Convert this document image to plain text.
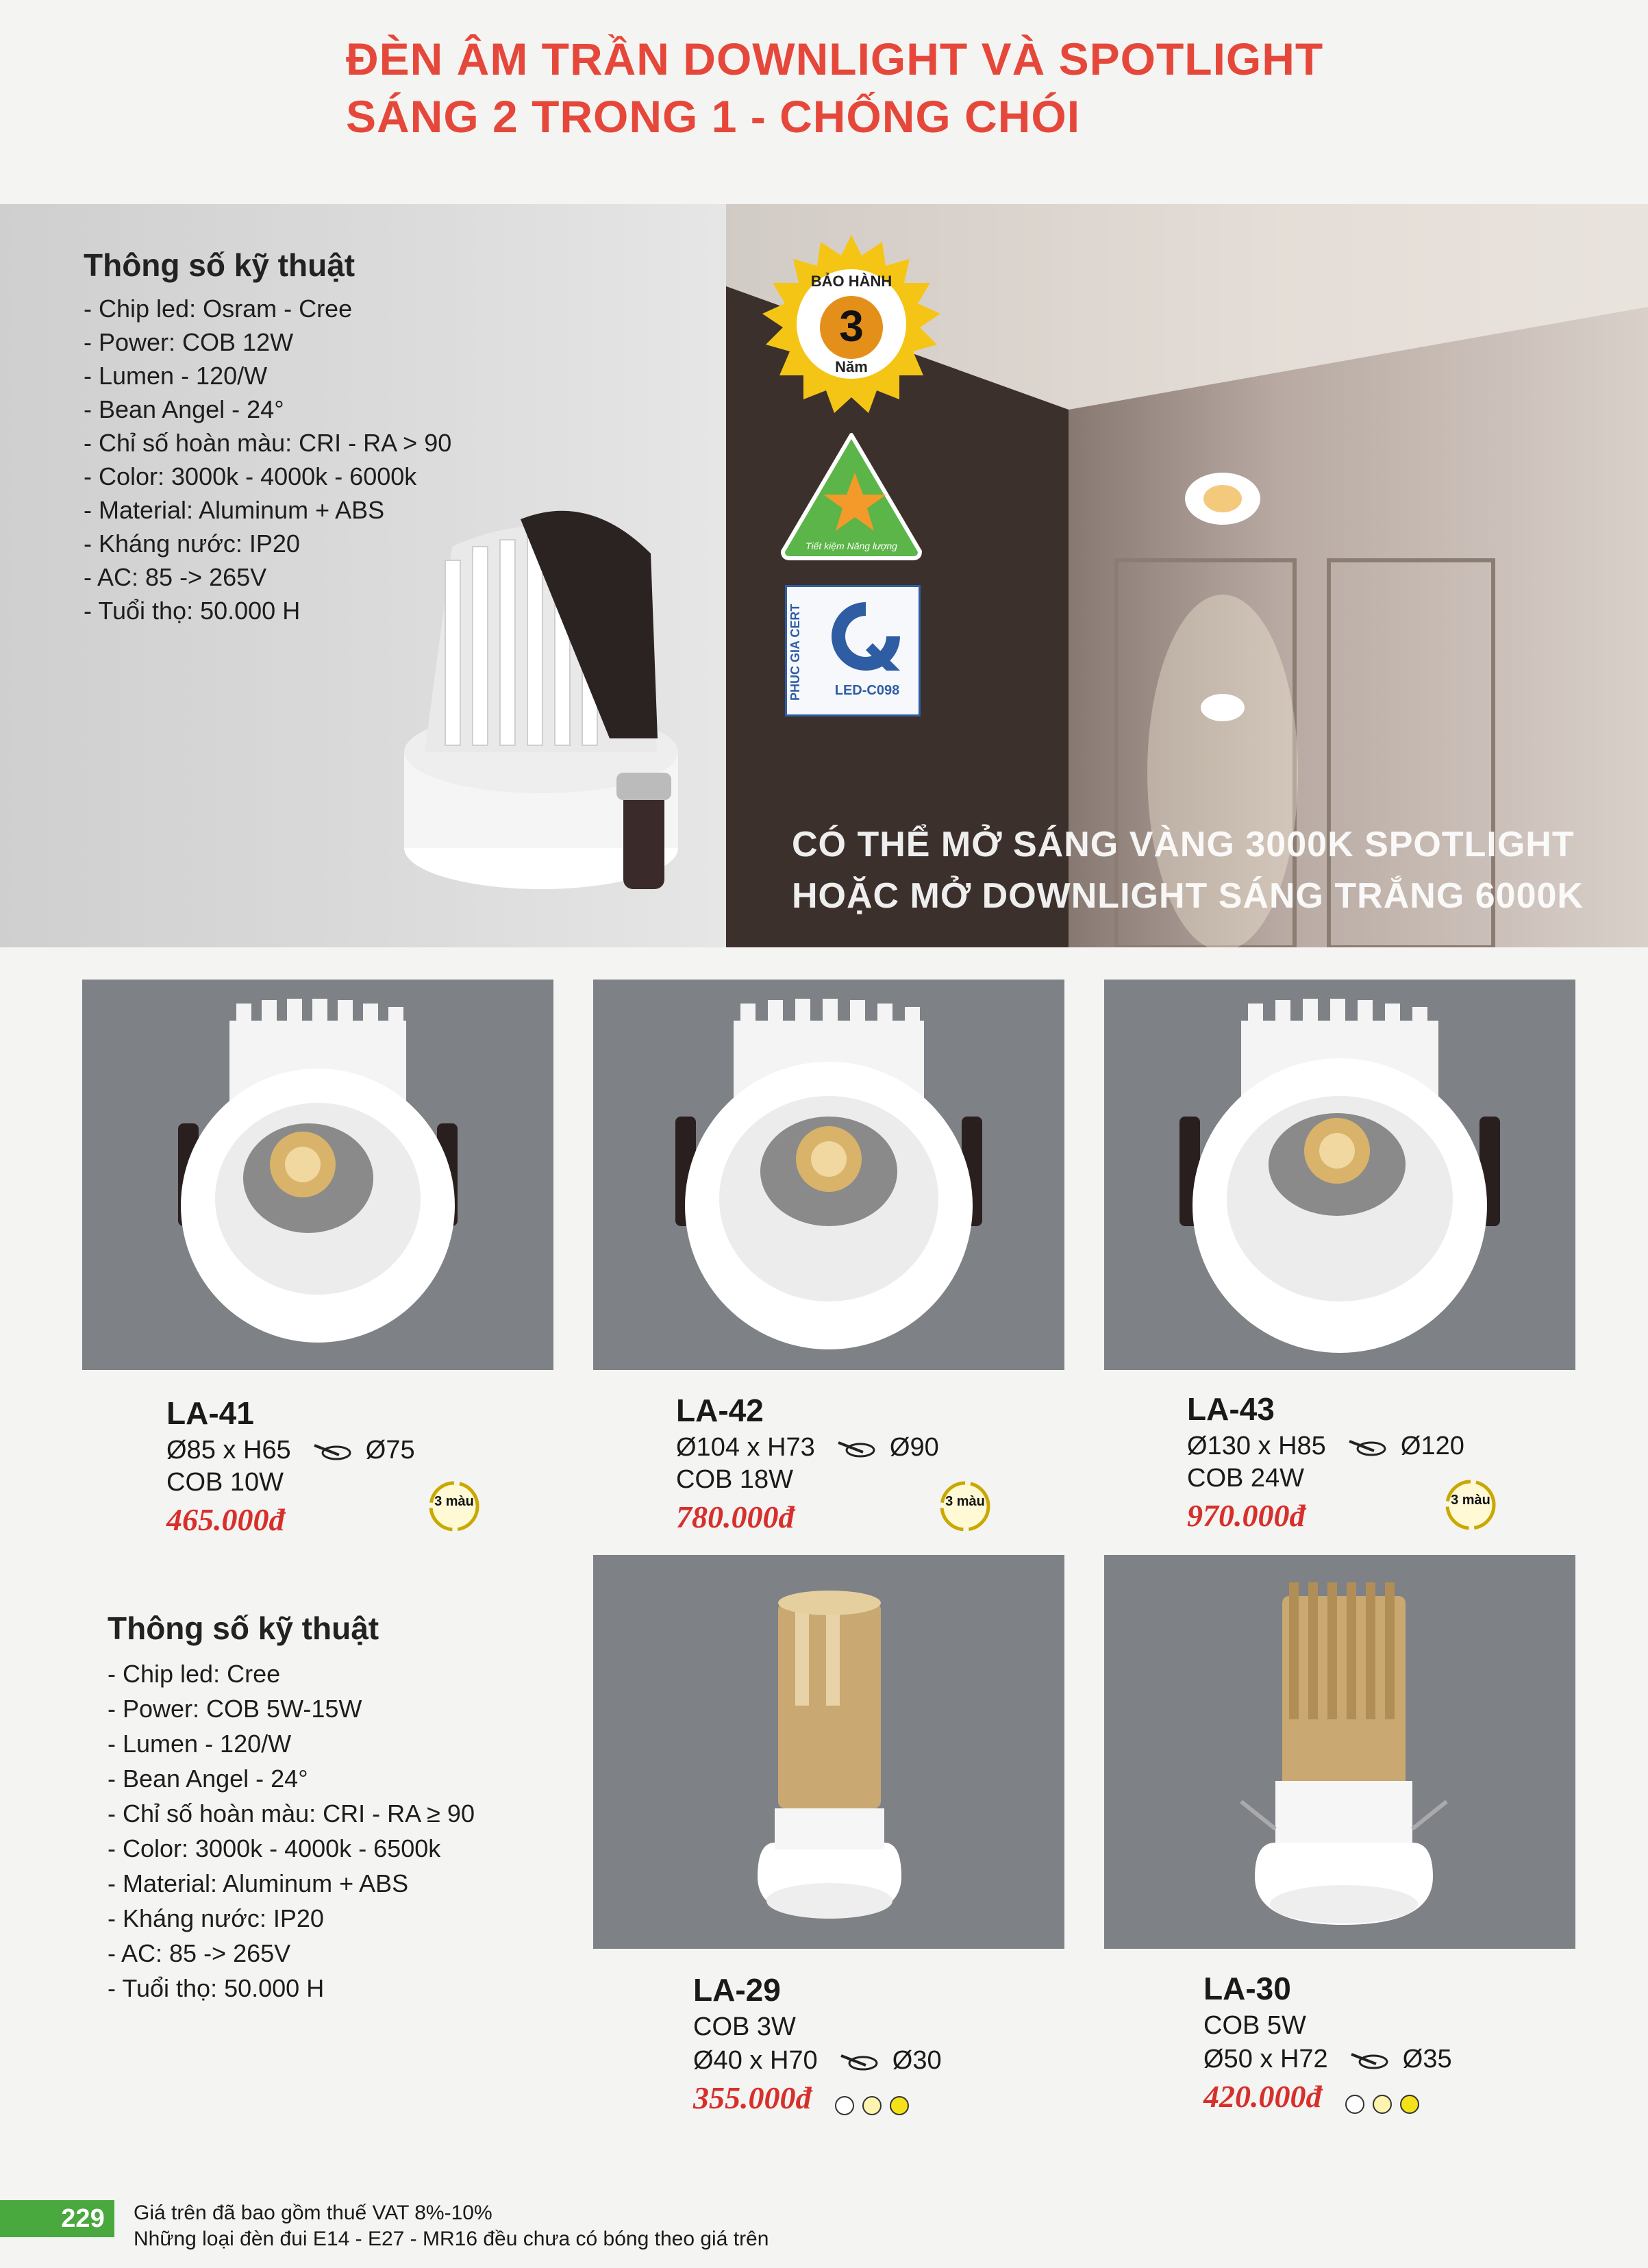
ĐÈN ÂM TRẦN DOWNLIGHT VÀ SPOTLIGHT
SÁNG 2 TRONG 1 - CHỐNG CHÓI
Thông số kỹ thuật
- Chip led: Osram - Cree
- Power: COB 12W
- Lumen - 120/W
- Bean Angel - 24°
- Chỉ số hoàn màu: CRI - RA > 90
- Color: 3000k - 4000k - 6000k
- Material: Aluminum + ABS
- Kháng nước: IP20
- AC: 85 -> 265V
- Tuổi thọ: 50.000 H
BẢO HÀNH
3
Năm
Tiết kiệm Năng lượng
PHUC GIA CERT	LED-C098
CÓ THỂ MỞ SÁNG VÀNG 3000K SPOTLIGHT
HOẶC MỞ DOWNLIGHT SÁNG TRẮNG 6000K
LA-41
Ø85 x H65	Ø75
COB 10W
465.000đ
LA-42
Ø104 x H73	Ø90
COB 18W
780.000đ
LA-43
Ø130 x H85	Ø120
COB 24W
970.000đ
3 màu	3 màu	3 màu
Thông số kỹ thuật
- Chip led: Cree
- Power: COB 5W-15W
- Lumen - 120/W
- Bean Angel - 24°
- Chỉ số hoàn màu: CRI - RA ≥ 90
- Color: 3000k - 4000k - 6500k
- Material: Aluminum + ABS
- Kháng nước: IP20
- AC: 85 -> 265V
- Tuổi thọ: 50.000 H	LA-29
COB 3W
Ø40 x H70	Ø30
355.000đ
LA-30
COB 5W
Ø50 x H72	Ø35
420.000đ
229	Giá trên đã bao gồm thuế VAT 8%-10%
Những loại đèn đui E14 - E27 - MR16 đều chưa có bóng theo giá trên
